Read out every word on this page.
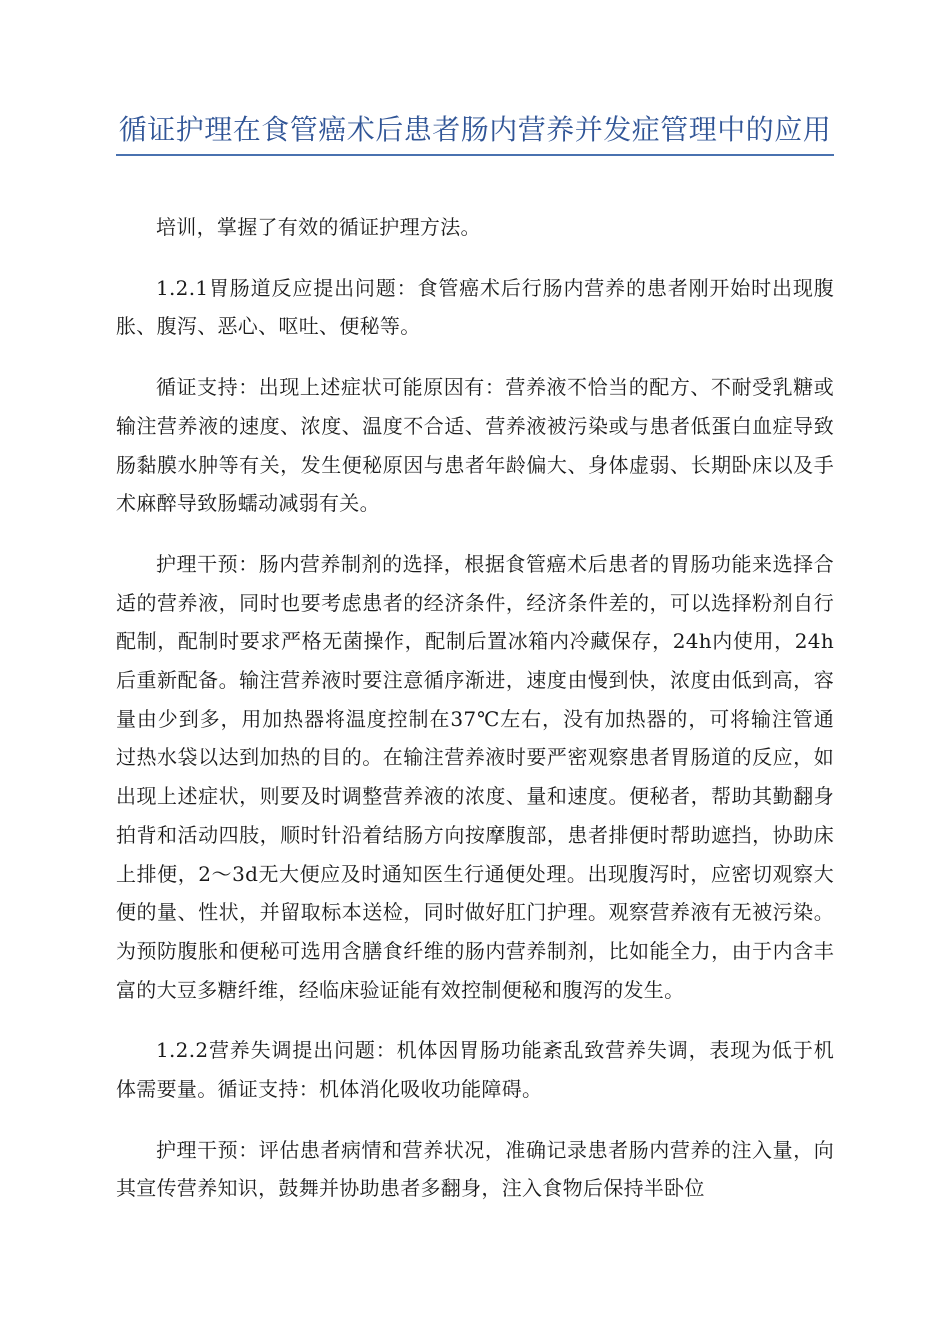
循证护理在食管癌术后患者肠内营养并发症管理中的应用

培训，掌握了有效的循证护理方法。

1.2.1胃肠道反应提出问题：食管癌术后行肠内营养的患者刚开始时出现腹胀、腹泻、恶心、呕吐、便秘等。

循证支持：出现上述症状可能原因有：营养液不恰当的配方、不耐受乳糖或输注营养液的速度、浓度、温度不合适、营养液被污染或与患者低蛋白血症导致肠黏膜水肿等有关，发生便秘原因与患者年龄偏大、身体虚弱、长期卧床以及手术麻醉导致肠蠕动减弱有关。

护理干预：肠内营养制剂的选择，根据食管癌术后患者的胃肠功能来选择合适的营养液，同时也要考虑患者的经济条件，经济条件差的，可以选择粉剂自行配制，配制时要求严格无菌操作，配制后置冰箱内冷藏保存，24h内使用，24h后重新配备。输注营养液时要注意循序渐进，速度由慢到快，浓度由低到高，容量由少到多，用加热器将温度控制在37℃左右，没有加热器的，可将输注管通过热水袋以达到加热的目的。在输注营养液时要严密观察患者胃肠道的反应，如出现上述症状，则要及时调整营养液的浓度、量和速度。便秘者，帮助其勤翻身拍背和活动四肢，顺时针沿着结肠方向按摩腹部，患者排便时帮助遮挡，协助床上排便，2～3d无大便应及时通知医生行通便处理。出现腹泻时，应密切观察大便的量、性状，并留取标本送检，同时做好肛门护理。观察营养液有无被污染。为预防腹胀和便秘可选用含膳食纤维的肠内营养制剂，比如能全力，由于内含丰富的大豆多糖纤维，经临床验证能有效控制便秘和腹泻的发生。

1.2.2营养失调提出问题：机体因胃肠功能紊乱致营养失调，表现为低于机体需要量。循证支持：机体消化吸收功能障碍。

护理干预：评估患者病情和营养状况，准确记录患者肠内营养的注入量，向其宣传营养知识，鼓舞并协助患者多翻身，注入食物后保持半卧位
